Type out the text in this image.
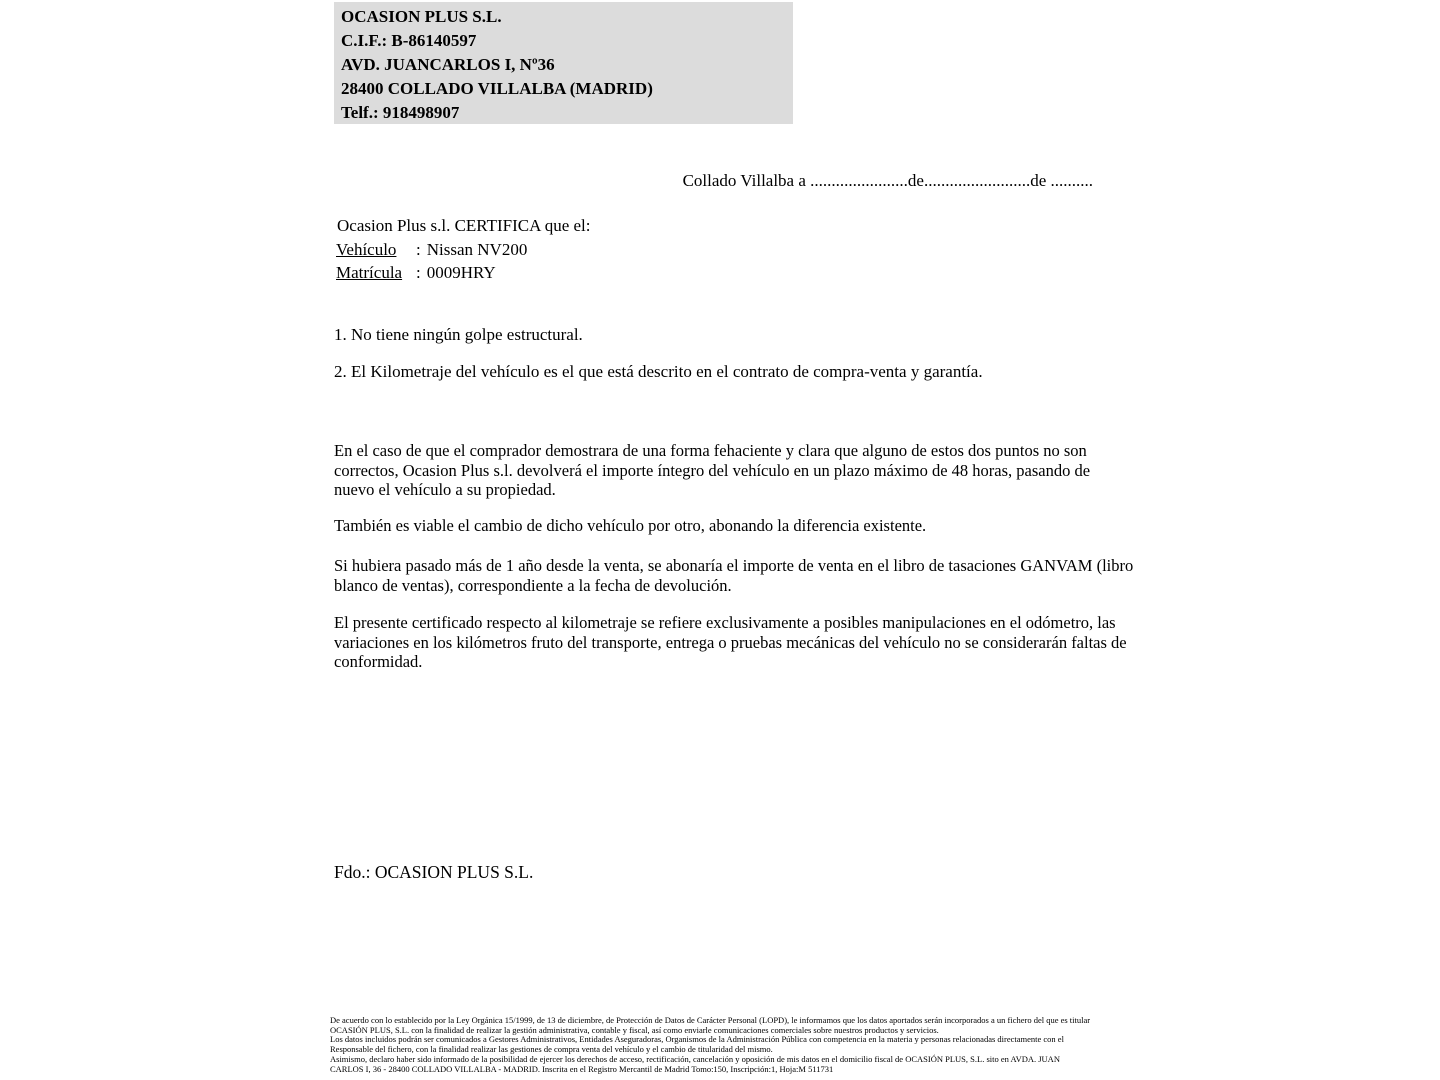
OCASION PLUS S.L.
C.I.F.: B-86140597
AVD. JUANCARLOS I, Nº36
28400 COLLADO VILLALBA (MADRID)
Telf.: 918498907
Collado Villalba a .......................de.........................de ..........
Ocasion Plus s.l. CERTIFICA que el:
Vehículo : Nissan NV200
Matrícula : 0009HRY
1. No tiene ningún golpe estructural.
2. El Kilometraje del vehículo es el que está descrito en el contrato de compra-venta y garantía.
En el caso de que el comprador demostrara de una forma fehaciente y clara que alguno de estos dos puntos no son correctos, Ocasion Plus s.l. devolverá el importe íntegro del vehículo en un plazo máximo de 48 horas, pasando de nuevo el vehículo a su propiedad.
También es viable el cambio de dicho vehículo por otro, abonando la diferencia existente.
Si hubiera pasado más de 1 año desde la venta, se abonaría el importe de venta en el libro de tasaciones GANVAM (libro blanco de ventas), correspondiente a la fecha de devolución.
El presente certificado respecto al kilometraje se refiere exclusivamente a posibles manipulaciones en el odómetro, las variaciones en los kilómetros fruto del transporte, entrega o pruebas mecánicas del vehículo no se considerarán faltas de conformidad.
Fdo.: OCASION PLUS S.L.
De acuerdo con lo establecido por la Ley Orgánica 15/1999, de 13 de diciembre, de Protección de Datos de Carácter Personal (LOPD), le informamos que los datos aportados serán incorporados a un fichero del que es titular
OCASIÓN PLUS, S.L. con la finalidad de realizar la gestión administrativa, contable y fiscal, así como enviarle comunicaciones comerciales sobre nuestros productos y servicios.
Los datos incluidos podrán ser comunicados a Gestores Administrativos, Entidades Aseguradoras, Organismos de la Administración Pública con competencia en la materia y personas relacionadas directamente con el
Responsable del fichero, con la finalidad realizar las gestiones de compra venta del vehículo y el cambio de titularidad del mismo.
Asimismo, declaro haber sido informado de la posibilidad de ejercer los derechos de acceso, rectificación, cancelación y oposición de mis datos en el domicilio fiscal de OCASIÓN PLUS, S.L. sito en AVDA. JUAN
CARLOS I, 36 - 28400 COLLADO VILLALBA - MADRID. Inscrita en el Registro Mercantil de Madrid Tomo:150, Inscripción:1, Hoja:M 511731
